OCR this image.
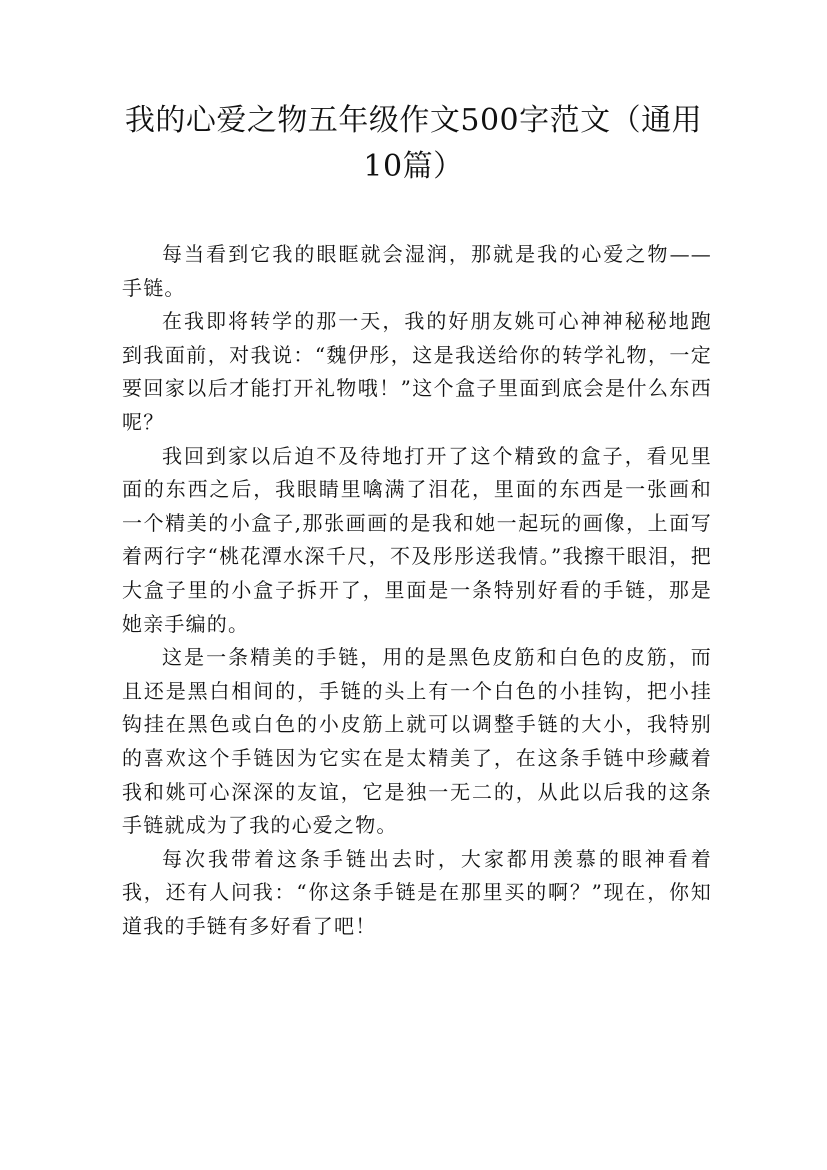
我的心爱之物五年级作文500字范文（通用10篇）

每当看到它我的眼眶就会湿润，那就是我的心爱之物——手链。

在我即将转学的那一天，我的好朋友姚可心神神秘秘地跑到我面前，对我说：“魏伊彤，这是我送给你的转学礼物，一定要回家以后才能打开礼物哦！”这个盒子里面到底会是什么东西呢？

我回到家以后迫不及待地打开了这个精致的盒子，看见里面的东西之后，我眼睛里噙满了泪花，里面的东西是一张画和一个精美的小盒子,那张画画的是我和她一起玩的画像，上面写着两行字“桃花潭水深千尺，不及彤彤送我情。”我擦干眼泪，把大盒子里的小盒子拆开了，里面是一条特别好看的手链，那是她亲手编的。

这是一条精美的手链，用的是黑色皮筋和白色的皮筋，而且还是黑白相间的，手链的头上有一个白色的小挂钩，把小挂钩挂在黑色或白色的小皮筋上就可以调整手链的大小，我特别的喜欢这个手链因为它实在是太精美了，在这条手链中珍藏着我和姚可心深深的友谊，它是独一无二的，从此以后我的这条手链就成为了我的心爱之物。

每次我带着这条手链出去时，大家都用羡慕的眼神看着我，还有人问我：“你这条手链是在那里买的啊？”现在，你知道我的手链有多好看了吧！
